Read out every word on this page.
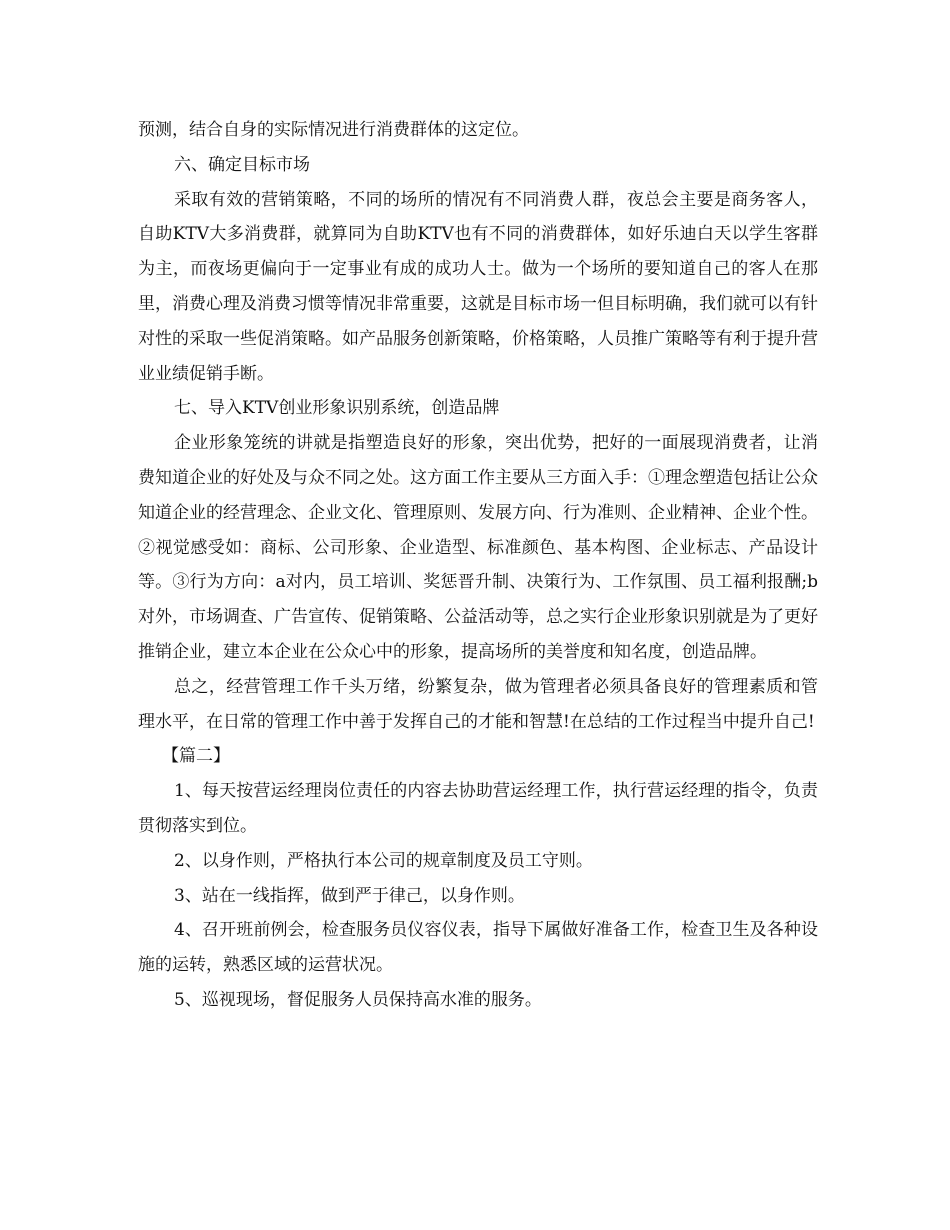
预测，结合自身的实际情况进行消费群体的这定位。

六、确定目标市场

采取有效的营销策略，不同的场所的情况有不同消费人群，夜总会主要是商务客人，自助KTV大多消费群，就算同为自助KTV也有不同的消费群体，如好乐迪白天以学生客群为主，而夜场更偏向于一定事业有成的成功人士。做为一个场所的要知道自己的客人在那里，消费心理及消费习惯等情况非常重要，这就是目标市场一但目标明确，我们就可以有针对性的采取一些促消策略。如产品服务创新策略，价格策略，人员推广策略等有利于提升营业业绩促销手断。

七、导入KTV创业形象识别系统，创造品牌

企业形象笼统的讲就是指塑造良好的形象，突出优势，把好的一面展现消费者，让消费知道企业的好处及与众不同之处。这方面工作主要从三方面入手：①理念塑造包括让公众知道企业的经营理念、企业文化、管理原则、发展方向、行为准则、企业精神、企业个性。②视觉感受如：商标、公司形象、企业造型、标准颜色、基本构图、企业标志、产品设计等。③行为方向：a对内，员工培训、奖惩晋升制、决策行为、工作氛围、员工福利报酬;b对外，市场调查、广告宣传、促销策略、公益活动等，总之实行企业形象识别就是为了更好推销企业，建立本企业在公众心中的形象，提高场所的美誉度和知名度，创造品牌。

总之，经营管理工作千头万绪，纷繁复杂，做为管理者必须具备良好的管理素质和管理水平，在日常的管理工作中善于发挥自己的才能和智慧!在总结的工作过程当中提升自己!

【篇二】

1、每天按营运经理岗位责任的内容去协助营运经理工作，执行营运经理的指令，负责贯彻落实到位。

2、以身作则，严格执行本公司的规章制度及员工守则。

3、站在一线指挥，做到严于律己，以身作则。

4、召开班前例会，检查服务员仪容仪表，指导下属做好准备工作，检查卫生及各种设施的运转，熟悉区域的运营状况。

5、巡视现场，督促服务人员保持高水准的服务。
